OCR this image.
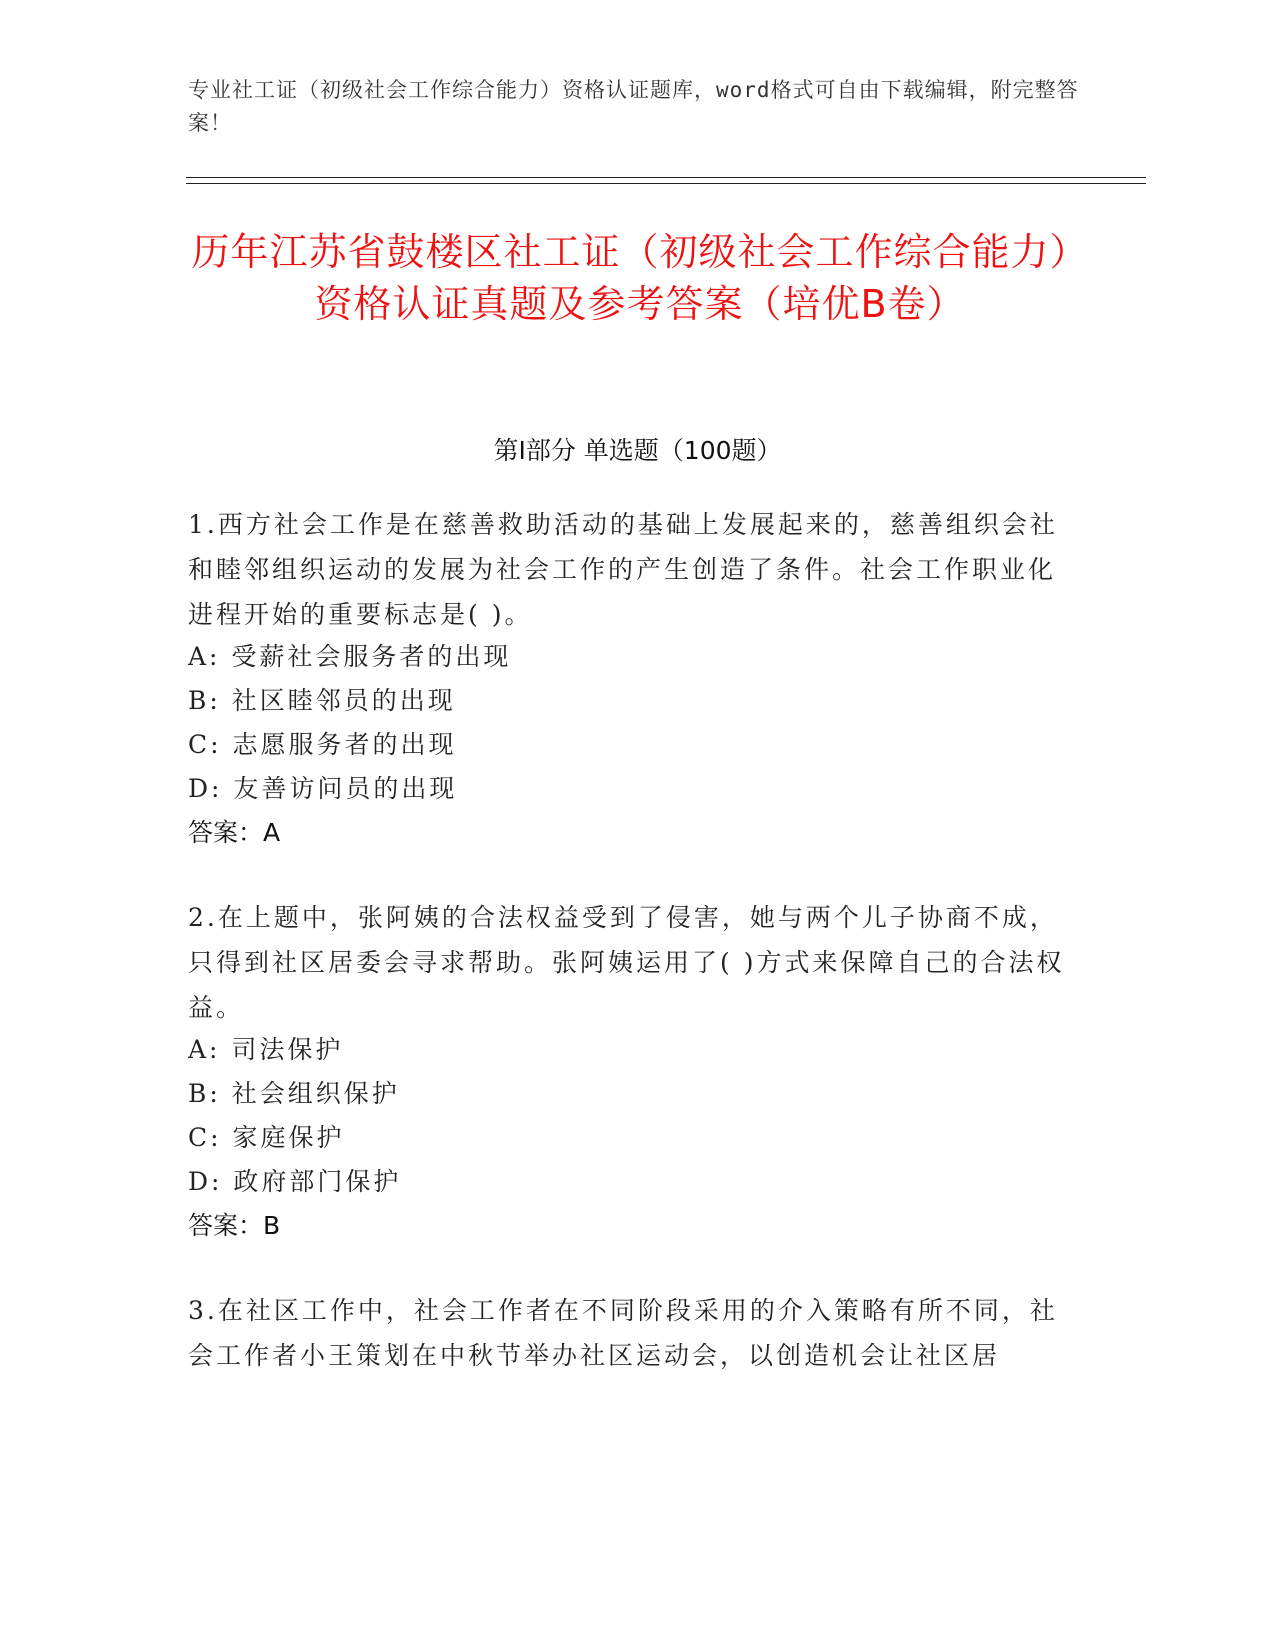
专业社工证（初级社会工作综合能力）资格认证题库，word格式可自由下载编辑，附完整答案！
历年江苏省鼓楼区社工证（初级社会工作综合能力）资格认证真题及参考答案（培优B卷）
第Ⅰ部分 单选题（100题）
1.西方社会工作是在慈善救助活动的基础上发展起来的，慈善组织会社和睦邻组织运动的发展为社会工作的产生创造了条件。社会工作职业化进程开始的重要标志是( )。
A: 受薪社会服务者的出现
B: 社区睦邻员的出现
C: 志愿服务者的出现
D: 友善访问员的出现
答案：A
2.在上题中，张阿姨的合法权益受到了侵害，她与两个儿子协商不成，只得到社区居委会寻求帮助。张阿姨运用了( )方式来保障自己的合法权益。
A: 司法保护
B: 社会组织保护
C: 家庭保护
D: 政府部门保护
答案：B
3.在社区工作中，社会工作者在不同阶段采用的介入策略有所不同，社会工作者小王策划在中秋节举办社区运动会，以创造机会让社区居
